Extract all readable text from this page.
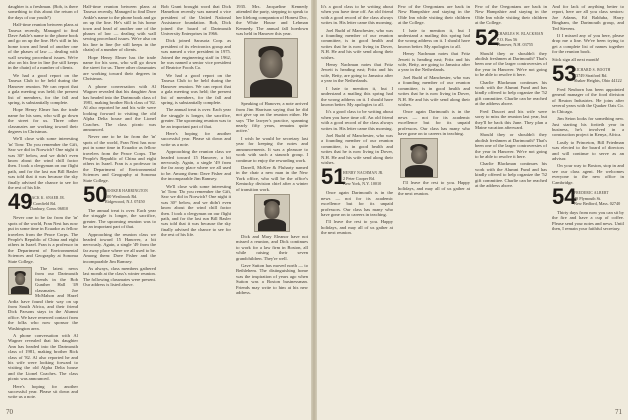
daughter is a freshman. (Bob, is there something to this about the return of the days of our youth?)

Half-time reunion between plans at Tarawa recently, Managed to find Dave Ankle's name to the phone book and go on up the line. He's still in his home town and head of another one of the phases of law — dealing with wall sewing procedural issues. We're also on his line in line (he still keeps in the chain) of a number of clients.

We had a good report on the Tarawa Club to be held during the Hanover reunion. We can report that a gala meeting was held; the present list of members, for the fall and spring, is substantially complete.

Hope Henry Elmer has the trade name for his sons, who will go down the street for us. Three other classmates are working toward their degrees in Christmas.

We'll close with some interesting 'in' Tom: 'Do you remember the Gift, Saw we did in Norwich? One night it was 30° below, and we didn't even know about the wind chill factor then. I took a clergyman on our flight path, and for the last run Bill Basler was told that it was because the sky finally advised the chance to see for the rest of his life.

49
JACK K. SNAER JR.
2 Cornfield Rd.
Danbury, Conn. 06810

Never one to be far from the 'in' spots of the world, Fran Nest has now put in some time in Ecuador as fellow travelers from the Peace Corps. The People's Republic of China and eight others in Israel. Fran is a professor in the Department of Environmental Sciences and Geography at Sonoma State College.

The latest news from our Dartmouth friends in the Bob Gunther Hall '49 classmates. Joe McMahon and Hazel Ardiz have found their way on up from South Africa, and their friend Dick Parsons stays in the Alumni office. We have renewed contact from the folks who now sponsor the Washington area.

A phone conversation with Al Wagner revealed that his daughter Ann has headed into the Dartmouth class of 1981, making brother Rick class of '82. Al also reported he and his wife were looking forward to visiting the old Alpha Delta house and the Lionel Coaches. The class picnic was announced.

Here's hoping for another successful year. Please sit down and write us a note.

Half-time reunion between plans at Tarawa recently, Managed to find Dave Ankle's name to the phone book and go on up the line. He's still in his home town and head of another one of the phases of law — dealing with wall sewing procedural issues. We're also on his line in line (he still keeps in the chain) of a number of clients.

Hope Henry Elmer has the trade name for his sons, who will go down the street for us. Three other classmates are working toward their degrees in Christmas.

A phone conversation with Al Wagner revealed that his daughter Ann has headed into the Dartmouth class of 1981, making brother Rick class of '82. Al also reported he and his wife were looking forward to visiting the old Alpha Delta house and the Lionel Coaches. The class picnic was announced.

Never one to be far from the 'in' spots of the world, Fran Nest has now put in some time in Ecuador as fellow travelers from the Peace Corps. The People's Republic of China and eight others in Israel. Fran is a professor in the Department of Environmental Sciences and Geography at Sonoma State College.

50
HOOKER HARRINGTON
100 Westbrook Rd.
Ridgewood, N.J. 07450

The annual treat is over. Each year the struggle is longer, the sacrifice, greater. The upcoming reunion was to be an important part of that.

Approaching the reunion class we headed toward 15 Hanover, a bit nervously. Again, a single '49 from the far away place where we all used to be. Among them: Dave Fisher and the incomparable Jim Ramsey.

As always, class members gathered last month at the class's winter reunion. The following classmates were present. Our address is listed above.

Bob Grant brought word that Dick Hamelton recently was named a vice president of the United National Assistance foundation. Bob, Dick joined the board of Dartmouth University Enterprises in 1966.

Dick joined Sarasota Corp. as president of its electronics group and was named a vice president in 1975. Joined the engineering staff in 1962, he was named a senior vice president of Beatrice Foods Co.

We had a good report on the Tarawa Club to be held during the Hanover reunion. We can report that a gala meeting was held; the present list of members, for the fall and spring, is substantially complete.

The annual treat is over. Each year the struggle is longer, the sacrifice, greater. The upcoming reunion was to be an important part of that.

Here's hoping for another successful year. Please sit down and write us a note.

Approaching the reunion class we headed toward 15 Hanover, a bit nervously. Again, a single '49 from the far away place where we all used to be. Among them: Dave Fisher and the incomparable Jim Ramsey.

We'll close with some interesting 'in' Tom: 'Do you remember the Gift, Saw we did in Norwich? One night it was 30° below, and we didn't even know about the wind chill factor then. I took a clergyman on our flight path, and for the last run Bill Basler was told that it was because the sky finally advised the chance to see for the rest of his life.

1935. Mrs. Jacqueline Kennedy attended the party, stepping to speak to her lifelong companion of Honest Doc, the White House and Lehman Kennedy. The annual fall hoedown was held in Hanover this year.

Speaking of Hanover, a note arrived from Jim Harrison saying that he did not give up on the reunion either. He says 'The lawyer's practice, spanning nearly fifty years, remains quite active.'

I wish he would be secretary last year for keeping the notes and announcements. It was a pleasure to work with such a staunch group. I continue to enjoy the rewarding work.

Darrell, McKee & Fluharty named in the chair a new man in the New York office, who will be the office's Kentucky division chief after a winter of transition work.

Dick and Mary Eleanor have not missed a reunion, and Dick continues to work for a law firm in Boston, all while raising their seven grandchildren. They're well.

Gave Sutton has moved north — to Bethlehem. The distinguishing home was the inspiration of years ago when Sutton was a Boston businessman. Friends may write to him at his new address.

70

It's a good class to be writing about when you have time off. An old friend with a good record of the class always writes in. His letter came this morning.

Joel Rudd of Manchester, who was a founding member of our reunion committee, is in good health and writes that he is now living in Dover, N.H. He and his wife send along their wishes.

Henry Nachman notes that Fritz Jewett is heading east; Fritz and his wife, Betty, are going to Jamaica after a year in the Netherlands.

I hate to mention it, but I understand a mailing this spring had the wrong address on it. I should have known better. My apologies to all.

It's a good class to be writing about when you have time off. An old friend with a good record of the class always writes in. His letter came this morning.

Joel Rudd of Manchester, who was a founding member of our reunion committee, is in good health and writes that he is now living in Dover, N.H. He and his wife send along their wishes.

51
HENRY NACHMAN JR.
2 Peter Cooper Rd.
New York, N.Y. 10010

Once again Dartmouth is in the news — not for its academic excellence but for its unpaid professors. Our class has many who have gone on to careers in teaching.

I'll leave the rest to you. Happy holidays, and may all of us gather at the next reunion.

Few of the Oregonians are back in New Hampshire and staying in the Olde Inn while visiting their children at the College.

I hate to mention it, but I understand a mailing this spring had the wrong address on it. I should have known better. My apologies to all.

Henry Nachman notes that Fritz Jewett is heading east; Fritz and his wife, Betty, are going to Jamaica after a year in the Netherlands.

Joel Rudd of Manchester, who was a founding member of our reunion committee, is in good health and writes that he is now living in Dover, N.H. He and his wife send along their wishes.

Once again Dartmouth is in the news — not for its academic excellence but for its unpaid professors. Our class has many who have gone on to careers in teaching.

I'll leave the rest to you. Happy holidays, and may all of us gather at the next reunion.

Few of the Oregonians are back in New Hampshire and staying in the Olde Inn while visiting their children at the College.

52
CHARLES W. BLACKMAN
P.O. Box 56
Hanover, N.H. 03755

Should they or shouldn't they abolish freshmen at Dartmouth? That's been one of the larger controversies of the year in Hanover. We're not going to be able to resolve it here.

Charlie Blackman continues his work with the Alumni Fund and has kindly offered to help organize the '52 gift committee. Charlie can be reached at the address above.

Fred Doucet and his wife were sorry to miss the reunion last year, but they'll be back this June. They plan a Maine vacation afterward.

Should they or shouldn't they abolish freshmen at Dartmouth? That's been one of the larger controversies of the year in Hanover. We're not going to be able to resolve it here.

Charlie Blackman continues his work with the Alumni Fund and has kindly offered to help organize the '52 gift committee. Charlie can be reached at the address above.

And for lack of anything better to report, here are all you class seniors: Joe Adams, Ed Balduba, Harry Bingham, the Dartmouth group, and Ted Stevens.

If I missed any of you here, please drop me a line. We've been trying to get a complete list of names together for the reunion book.

Stick sign all next month!

53
RICHARD S. BOOTH
23749 Stratford Rd.
Shaker Heights, Ohio 44122

Fred Neuborn has been appointed general manager of the food division of Reuton Industries. He joins after several years with the Quaker Oats Co. in Chicago.

Jim Seton looks for something new. Just starting his fortieth year in business, he's involved in a construction project in Kenya, Africa.

Lastly to Princeton, Bill Friedman was elected to the board of directors and will continue to serve as an advisor.

On your way to Boston, stop in and see our class agent. He welcomes everyone to the new office in Cambridge.

54
FREDERIC ALBERT
49 Plymouth St.
New Bedford, Mass. 02740

Thirty days from now you can sit by the fire and have a cup of coffee. Please send your notes and news. Until then, I remain your faithful secretary.

71
